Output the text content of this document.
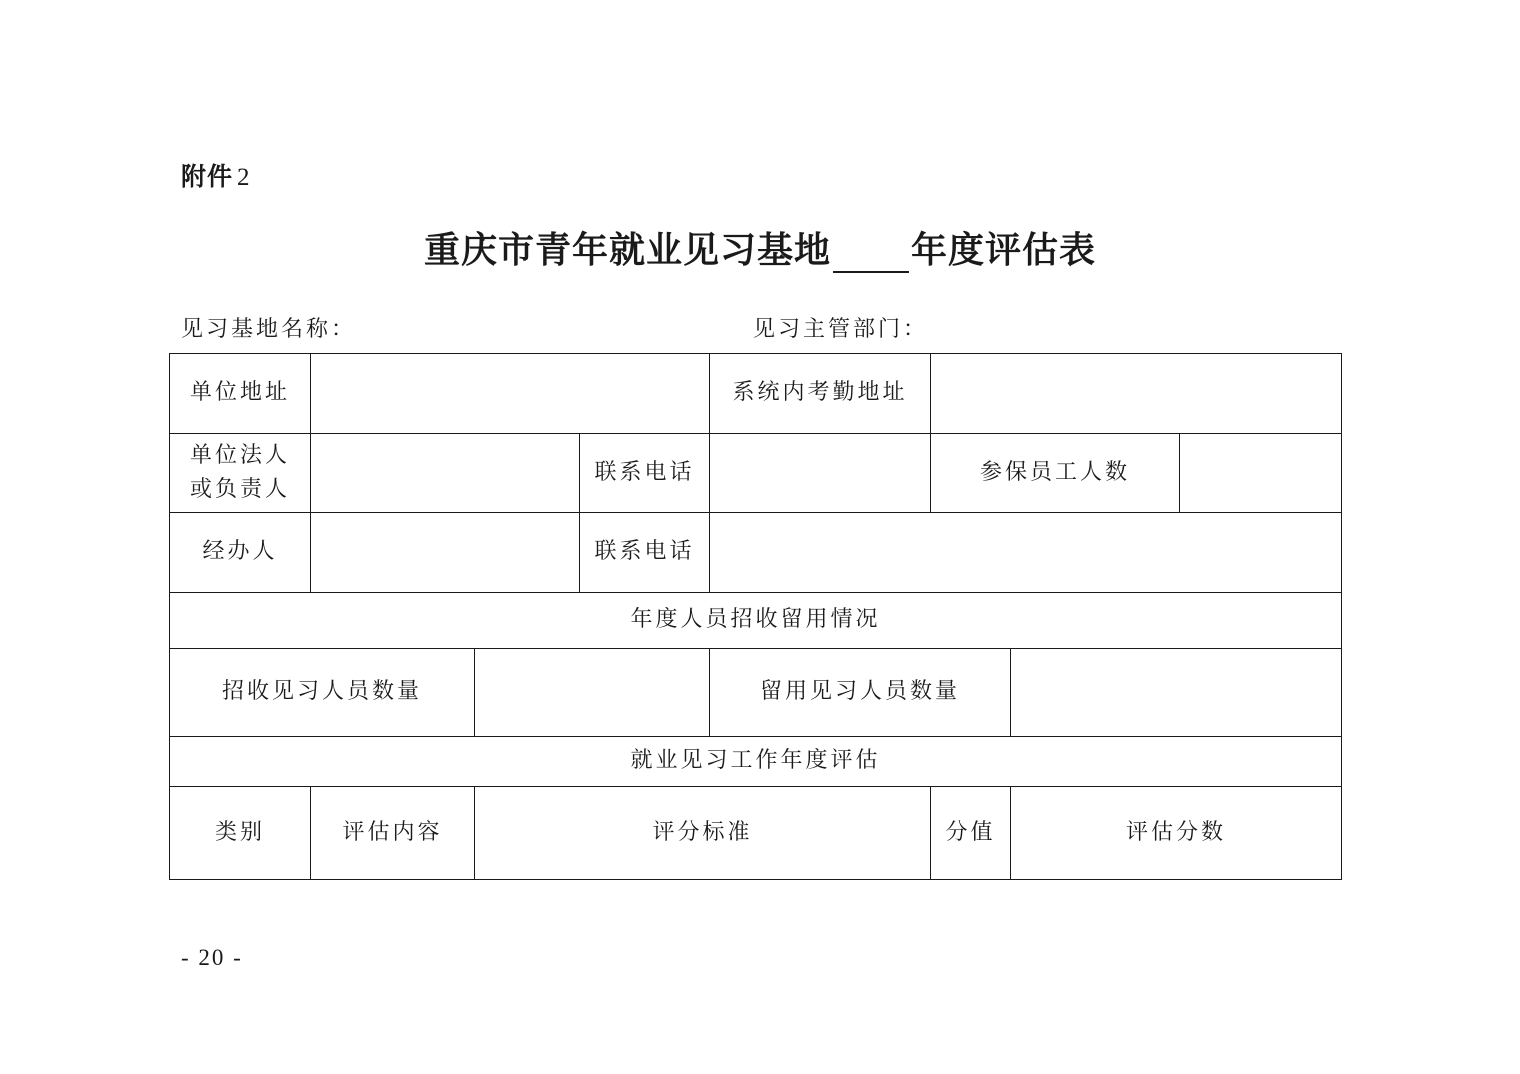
附件 2
重庆市青年就业见习基地 年度评估表
见习基地名称：	见习主管部门：
单位地址				系统内考勤地址			

单位法人
或负责人			联系电话		参保员工人数		
经办人			联系电话				
年度人员招收留用情况							
招收见习人员数量				留用见习人员数量			
就业见习工作年度评估							
类别	评估内容	评分标准			分值	评估分数	
- 20 -
